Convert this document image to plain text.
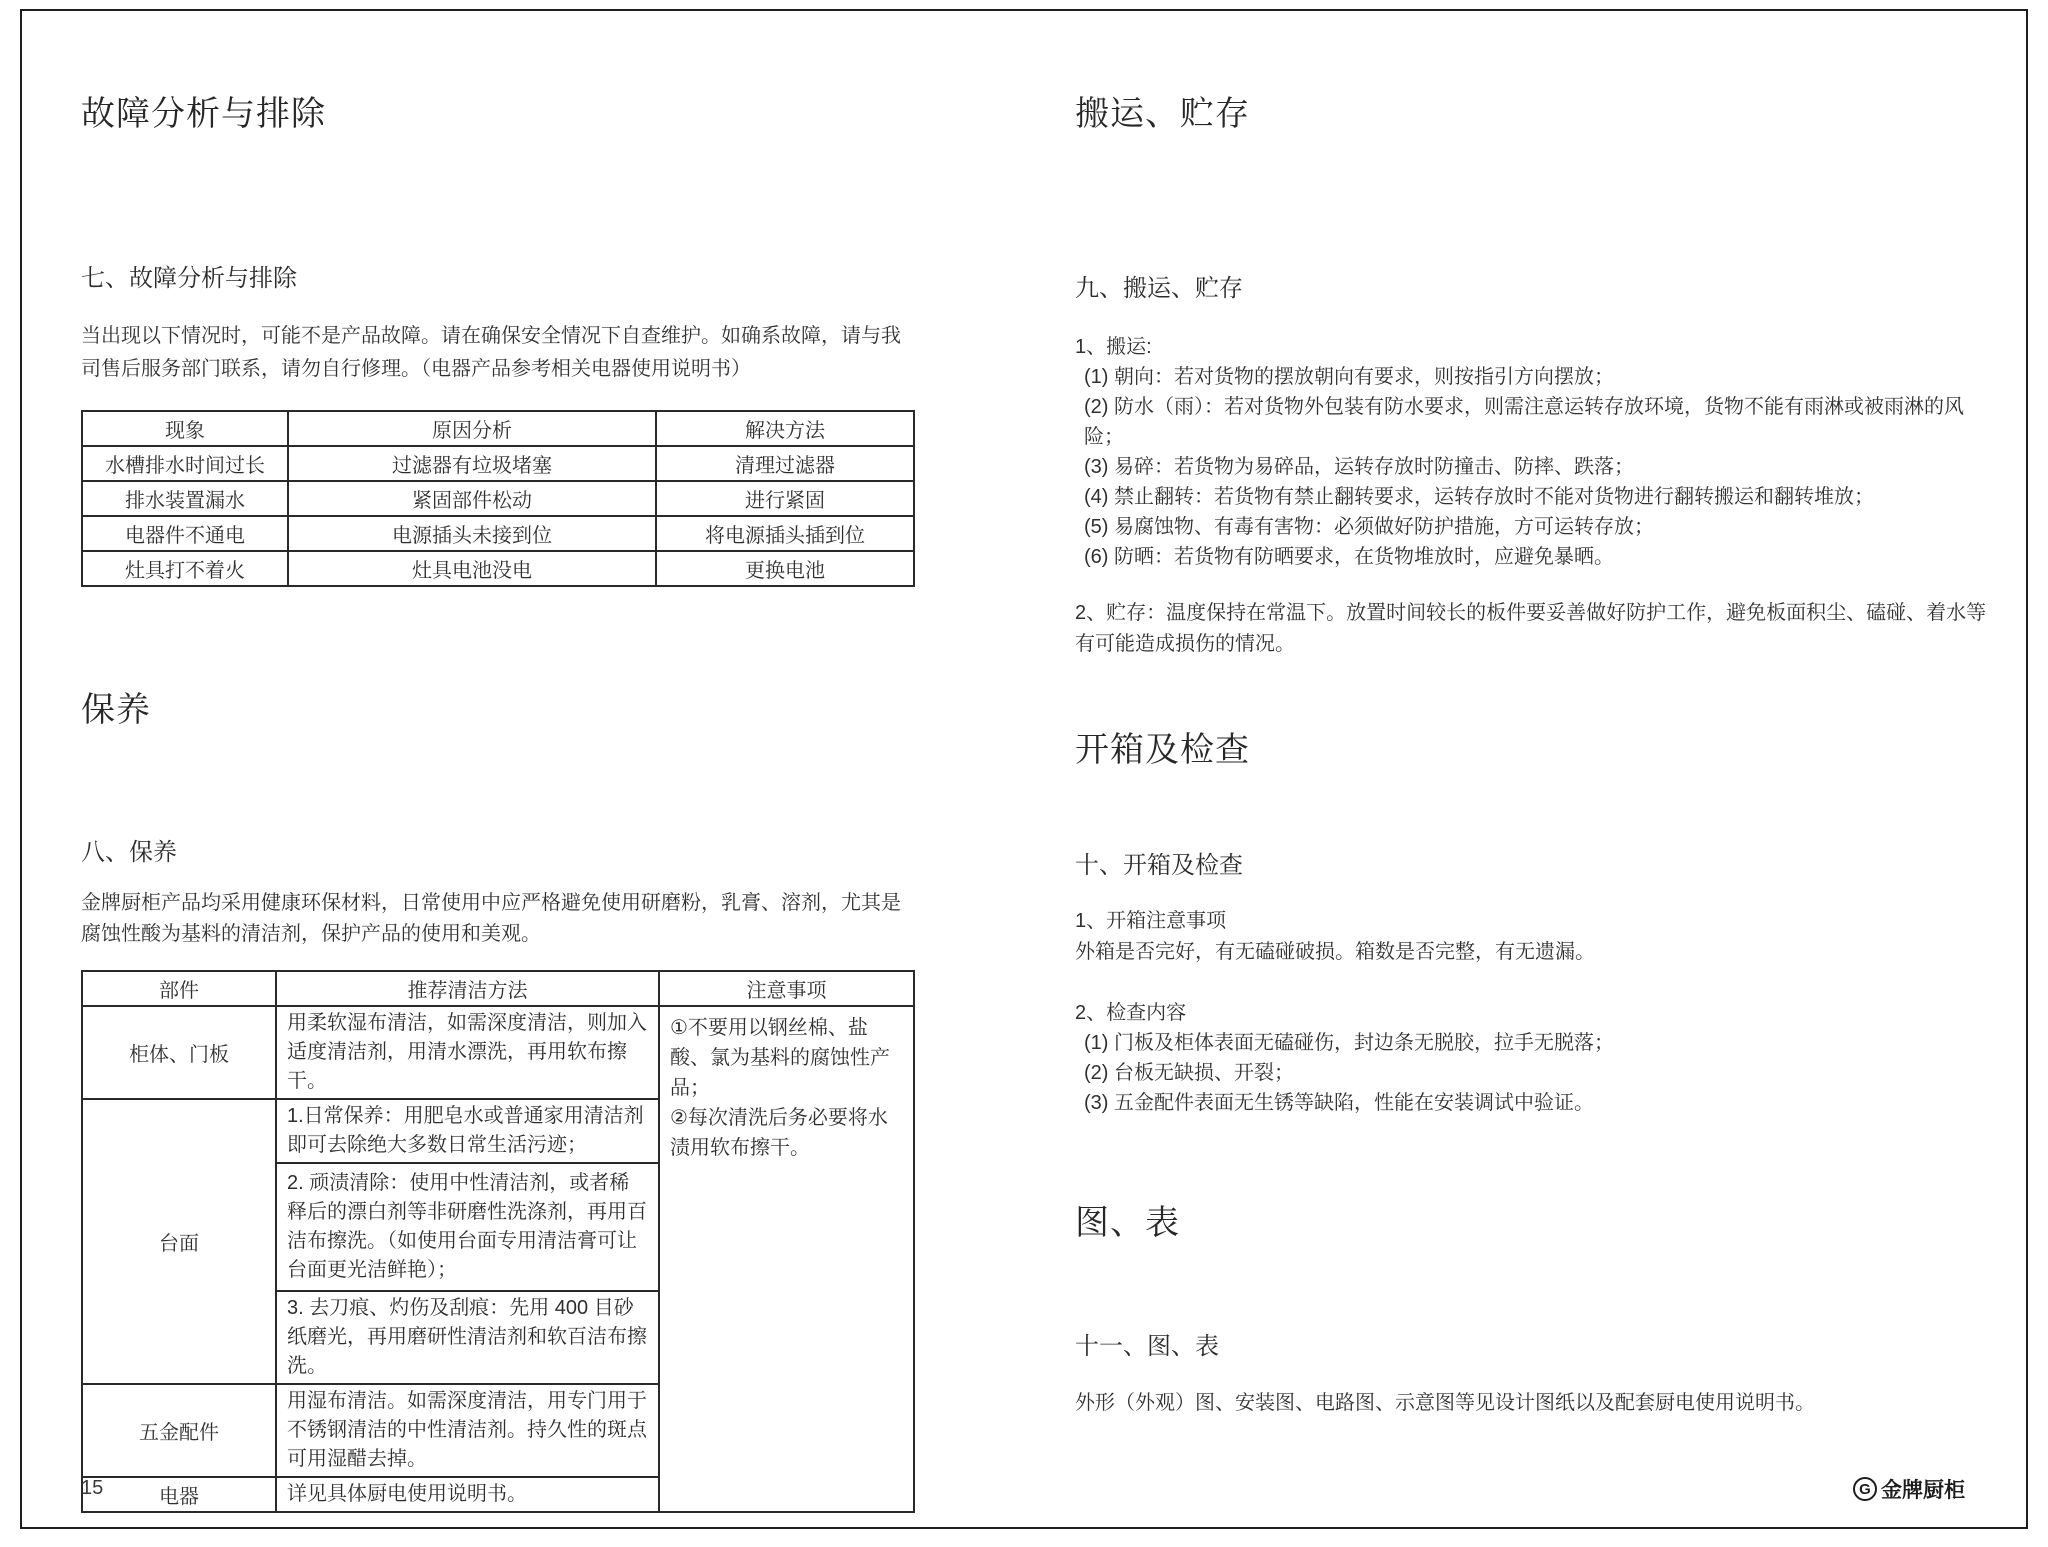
故障分析与排除
七、故障分析与排除
当出现以下情况时，可能不是产品故障。请在确保安全情况下自查维护。如确系故障，请与我司售后服务部门联系，请勿自行修理。（电器产品参考相关电器使用说明书）
现象	原因分析	解决方法
水槽排水时间过长	过滤器有垃圾堵塞	清理过滤器
排水装置漏水	紧固部件松动	进行紧固
电器件不通电	电源插头未接到位	将电源插头插到位
灶具打不着火	灶具电池没电	更换电池
保养
八、保养
金牌厨柜产品均采用健康环保材料，日常使用中应严格避免使用研磨粉，乳膏、溶剂，尤其是腐蚀性酸为基料的清洁剂，保护产品的使用和美观。
部件	推荐清洁方法	注意事项
柜体、门板	用柔软湿布清洁，如需深度清洁，则加入适度清洁剂，用清水漂洗，再用软布擦干。	①不要用以钢丝棉、盐酸、氯为基料的腐蚀性产品；
②每次清洗后务必要将水渍用软布擦干。

台面	1.日常保养：用肥皂水或普通家用清洁剂即可去除绝大多数日常生活污迹；	
	2. 顽渍清除：使用中性清洁剂，或者稀释后的漂白剂等非研磨性洗涤剂，再用百洁布擦洗。（如使用台面专用清洁膏可让台面更光洁鲜艳）；	
	3. 去刀痕、灼伤及刮痕：先用 400 目砂纸磨光，再用磨研性清洁剂和软百洁布擦洗。	
五金配件	用湿布清洁。如需深度清洁，用专门用于不锈钢清洁的中性清洁剂。持久性的斑点可用湿醋去掉。	
电器	详见具体厨电使用说明书。	
搬运、贮存
九、搬运、贮存
1、搬运:
(1) 朝向：若对货物的摆放朝向有要求，则按指引方向摆放；
(2) 防水（雨）：若对货物外包装有防水要求，则需注意运转存放环境，货物不能有雨淋或被雨淋的风险；
(3) 易碎：若货物为易碎品，运转存放时防撞击、防摔、跌落；
(4) 禁止翻转：若货物有禁止翻转要求，运转存放时不能对货物进行翻转搬运和翻转堆放；
(5) 易腐蚀物、有毒有害物：必须做好防护措施，方可运转存放；
(6) 防晒：若货物有防晒要求，在货物堆放时，应避免暴晒。
2、贮存：温度保持在常温下。放置时间较长的板件要妥善做好防护工作，避免板面积尘、磕碰、着水等有可能造成损伤的情况。
开箱及检查
十、开箱及检查
1、开箱注意事项
外箱是否完好，有无磕碰破损。箱数是否完整，有无遗漏。
2、检查内容
(1) 门板及柜体表面无磕碰伤，封边条无脱胶，拉手无脱落；
(2) 台板无缺损、开裂；
(3) 五金配件表面无生锈等缺陷，性能在安装调试中验证。
图、表
十一、图、表
外形（外观）图、安装图、电路图、示意图等见设计图纸以及配套厨电使用说明书。
15	G 金牌厨柜
